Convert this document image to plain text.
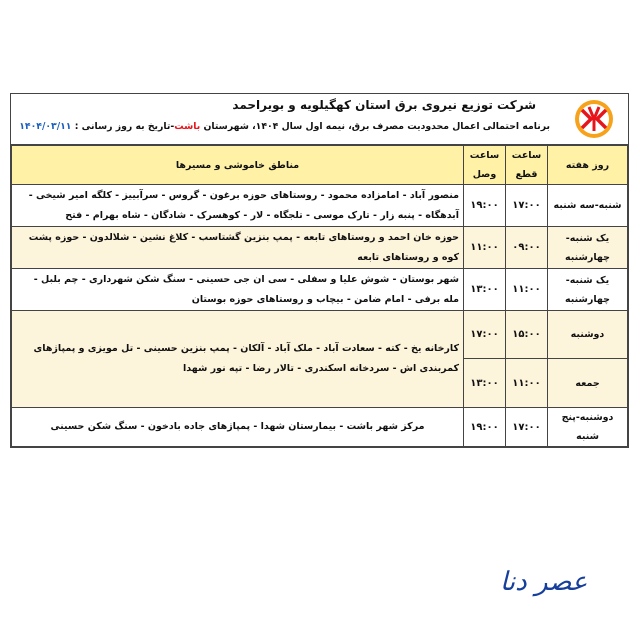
شرکت توزیع نیروی برق استان کهگیلویه و بویراحمد
برنامه احتمالی اعمال محدودیت مصرف برق، نیمه اول سال ۱۴۰۴، شهرستان باشت-تاریخ به روز رسانی : ۱۴۰۴/۰۳/۱۱
روز هفته	ساعت قطع	ساعت وصل	مناطق خاموشی و مسیرها
شنبه-سه شنبه	۱۷:۰۰	۱۹:۰۰	منصور آباد - امامزاده محمود - روستاهای حوزه برغون - گروس - سرآبییز - کلگه امیر شیخی - آبدهگاه - پنبه زار - تارک موسی - تلجگاه - لار - کوهسرک - شادگان - شاه بهرام - فتح
یک شنبه-چهارشنبه	۰۹:۰۰	۱۱:۰۰	حوزه خان احمد و روستاهای تابعه - پمپ بنزین گشتاسب - کلاغ نشین - شلالدون - حوزه پشت کوه و روستاهای تابعه
یک شنبه-چهارشنبه	۱۱:۰۰	۱۳:۰۰	شهر بوستان - شوش علیا و سفلی - سی ان جی حسینی - سنگ شکن شهرداری - چم بلبل - مله برفی - امام ضامن - بیچاب و روستاهای حوزه بوستان
دوشنبه	۱۵:۰۰	۱۷:۰۰	کارخانه یخ - کته - سعادت آباد - ملک آباد - آلکان - پمپ بنزین حسینی - تل مویزی و پمپاژهای کمربندی اش - سردخانه اسکندری - تالار رضا - تپه نور شهدا
جمعه	۱۱:۰۰	۱۳:۰۰	
دوشنبه-پنج شنبه	۱۷:۰۰	۱۹:۰۰	مرکز شهر باشت - بیمارستان شهدا - پمپاژهای جاده بادخون - سنگ شکن حسینی
عصر دنا
